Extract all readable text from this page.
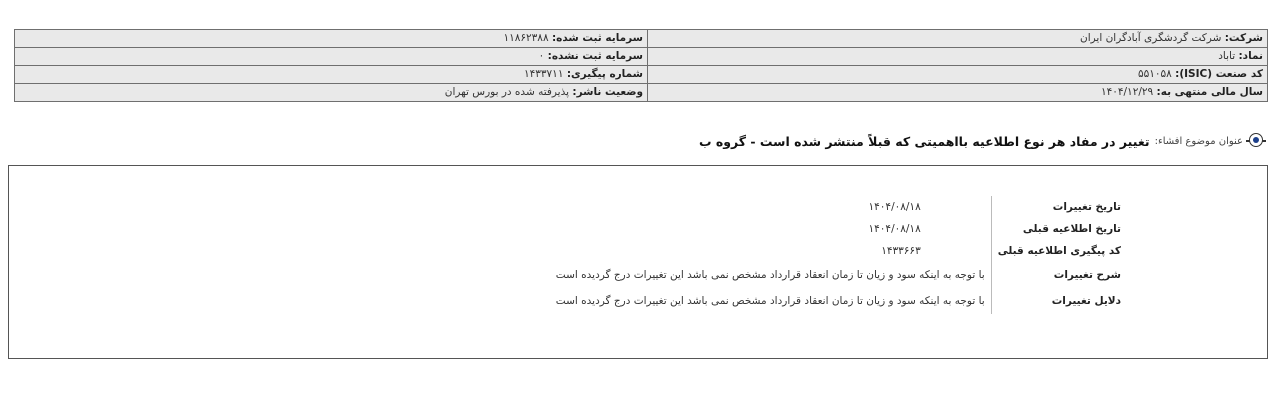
شرکت: شرکت گردشگری آبادگران ایران	سرمایه ثبت شده: ۱۱۸۶۲۳۸۸
نماد: تاباد	سرمایه ثبت نشده: ۰
کد صنعت (ISIC): ۵۵۱۰۵۸	شماره پیگیری: ۱۴۳۳۷۱۱
سال مالی منتهی به: ۱۴۰۴/۱۲/۲۹	وضعیت ناشر: پذیرفته شده در بورس تهران
عنوان موضوع افشاء:
تغییر در مفاد هر نوع اطلاعیه بااهمیتی که قبلاً منتشر شده است - گروه ب
تاریخ تغییرات	۱۴۰۴/۰۸/۱۸
تاریخ اطلاعیه قبلی	۱۴۰۴/۰۸/۱۸
کد پیگیری اطلاعیه قبلی	۱۴۳۳۶۶۳
شرح تغییرات	با توجه به اینکه سود و زیان تا زمان انعقاد قرارداد مشخص نمی باشد این تغییرات درج گردیده است
دلایل تغییرات	با توجه به اینکه سود و زیان تا زمان انعقاد قرارداد مشخص نمی باشد این تغییرات درج گردیده است
